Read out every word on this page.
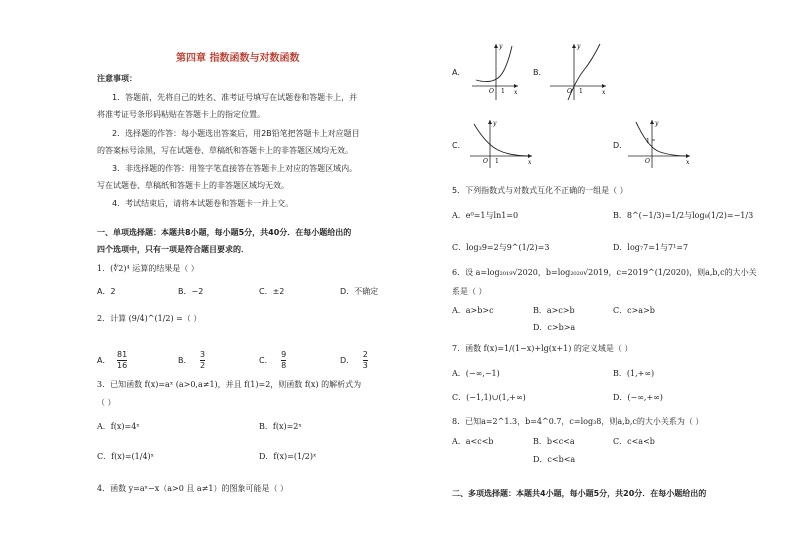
第四章 指数函数与对数函数
注意事项：
1．答题前，先将自己的姓名、准考证号填写在试题卷和答题卡上，并
将准考证号条形码粘贴在答题卡上的指定位置。
2．选择题的作答：每小题选出答案后，用2B铅笔把答题卡上对应题目
的答案标号涂黑，写在试题卷、草稿纸和答题卡上的非答题区域均无效。
3．非选择题的作答：用签字笔直接答在答题卡上对应的答题区域内。
写在试题卷、草稿纸和答题卡上的非答题区域均无效。
4．考试结束后，请将本试题卷和答题卡一并上交。
一、单项选择题：本题共8小题，每小题5分，共40分．在每小题给出的
四个选项中，只有一项是符合题目要求的．
1．(∜2)⁴ 运算的结果是（ ）
A．2	B．−2	C．±2	D．不确定
2．计算 (9/4)^(1/2) =（ ）
A． $\frac{81}{16}$	B． $\frac{3}{2}$	C． $\frac{9}{8}$	D． $\frac{2}{3}$
3．已知函数 f(x)=aˣ (a>0,a≠1)，并且 f(1)=2，则函数 f(x) 的解析式为
（ ）
A．f(x)=4ˣ	B．f(x)=2ˣ
C．f(x)=(1/4)ˣ	D．f(x)=(1/2)ˣ
4．函数 y=aˣ−x（a>0 且 a≠1）的图象可能是（ ）
A．
y
x
O 1
B．
y
x
O 1
C．
y
x
O 1
D．
y
x
O
1
5．下列指数式与对数式互化不正确的一组是（ ）
A．e⁰=1与ln1=0	B．8^(−1/3)=1/2与log₈(1/2)=−1/3
C．log₃9=2与9^(1/2)=3	D．log₇7=1与7¹=7
6．设 a=log₂₀₁₉√2020，b=log₂₀₂₀√2019，c=2019^(1/2020)，则a,b,c的大小关
系是（ ）
A．a>b>c	B．a>c>b	C．c>a>b
D．c>b>a
7．函数 f(x)=1/(1−x)+lg(x+1) 的定义域是（ ）
A．(−∞,−1)	B．(1,+∞)
C．(−1,1)∪(1,+∞)	D．(−∞,+∞)
8．已知a=2^1.3，b=4^0.7，c=log₃8，则a,b,c的大小关系为（ ）
A．a<c<b	B．b<c<a	C．c<a<b
D．c<b<a
二、多项选择题：本题共4小题，每小题5分，共20分．在每小题给出的
